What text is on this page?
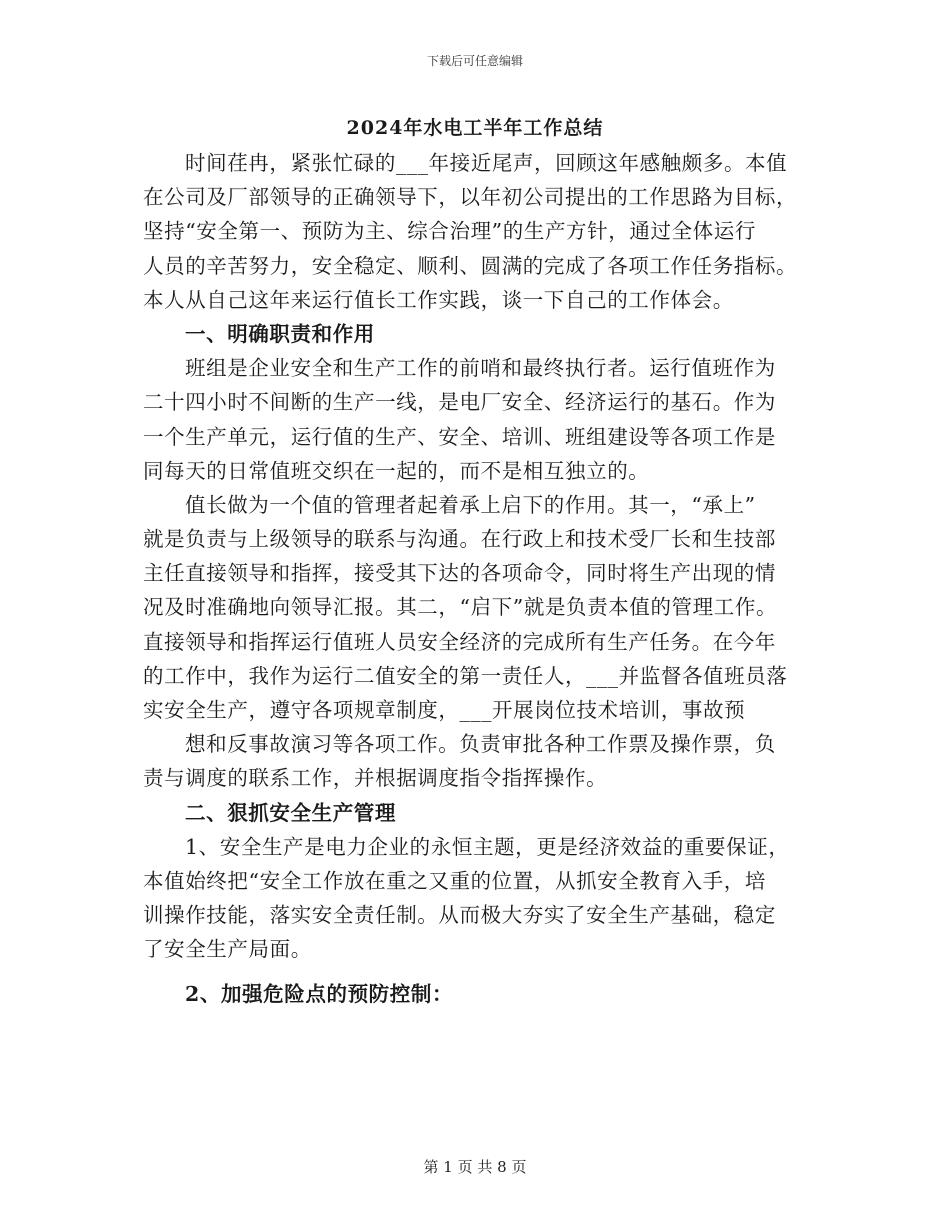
下载后可任意编辑
2024年水电工半年工作总结
时间荏冉，紧张忙碌的___年接近尾声，回顾这年感触颇多。本值
在公司及厂部领导的正确领导下，以年初公司提出的工作思路为目标，
坚持“安全第一、预防为主、综合治理”的生产方针，通过全体运行
人员的辛苦努力，安全稳定、顺利、圆满的完成了各项工作任务指标。
本人从自己这年来运行值长工作实践，谈一下自己的工作体会。
一、明确职责和作用
班组是企业安全和生产工作的前哨和最终执行者。运行值班作为
二十四小时不间断的生产一线，是电厂安全、经济运行的基石。作为
一个生产单元，运行值的生产、安全、培训、班组建设等各项工作是
同每天的日常值班交织在一起的，而不是相互独立的。
值长做为一个值的管理者起着承上启下的作用。其一，“承上”
就是负责与上级领导的联系与沟通。在行政上和技术受厂长和生技部
主任直接领导和指挥，接受其下达的各项命令，同时将生产出现的情
况及时准确地向领导汇报。其二，“启下”就是负责本值的管理工作。
直接领导和指挥运行值班人员安全经济的完成所有生产任务。在今年
的工作中，我作为运行二值安全的第一责任人，___并监督各值班员落
实安全生产，遵守各项规章制度，___开展岗位技术培训，事故预
想和反事故演习等各项工作。负责审批各种工作票及操作票，负
责与调度的联系工作，并根据调度指令指挥操作。
二、狠抓安全生产管理
1、安全生产是电力企业的永恒主题，更是经济效益的重要保证，
本值始终把“安全工作放在重之又重的位置，从抓安全教育入手，培
训操作技能，落实安全责任制。从而极大夯实了安全生产基础，稳定
了安全生产局面。
2、加强危险点的预防控制：
第 1 页 共 8 页
